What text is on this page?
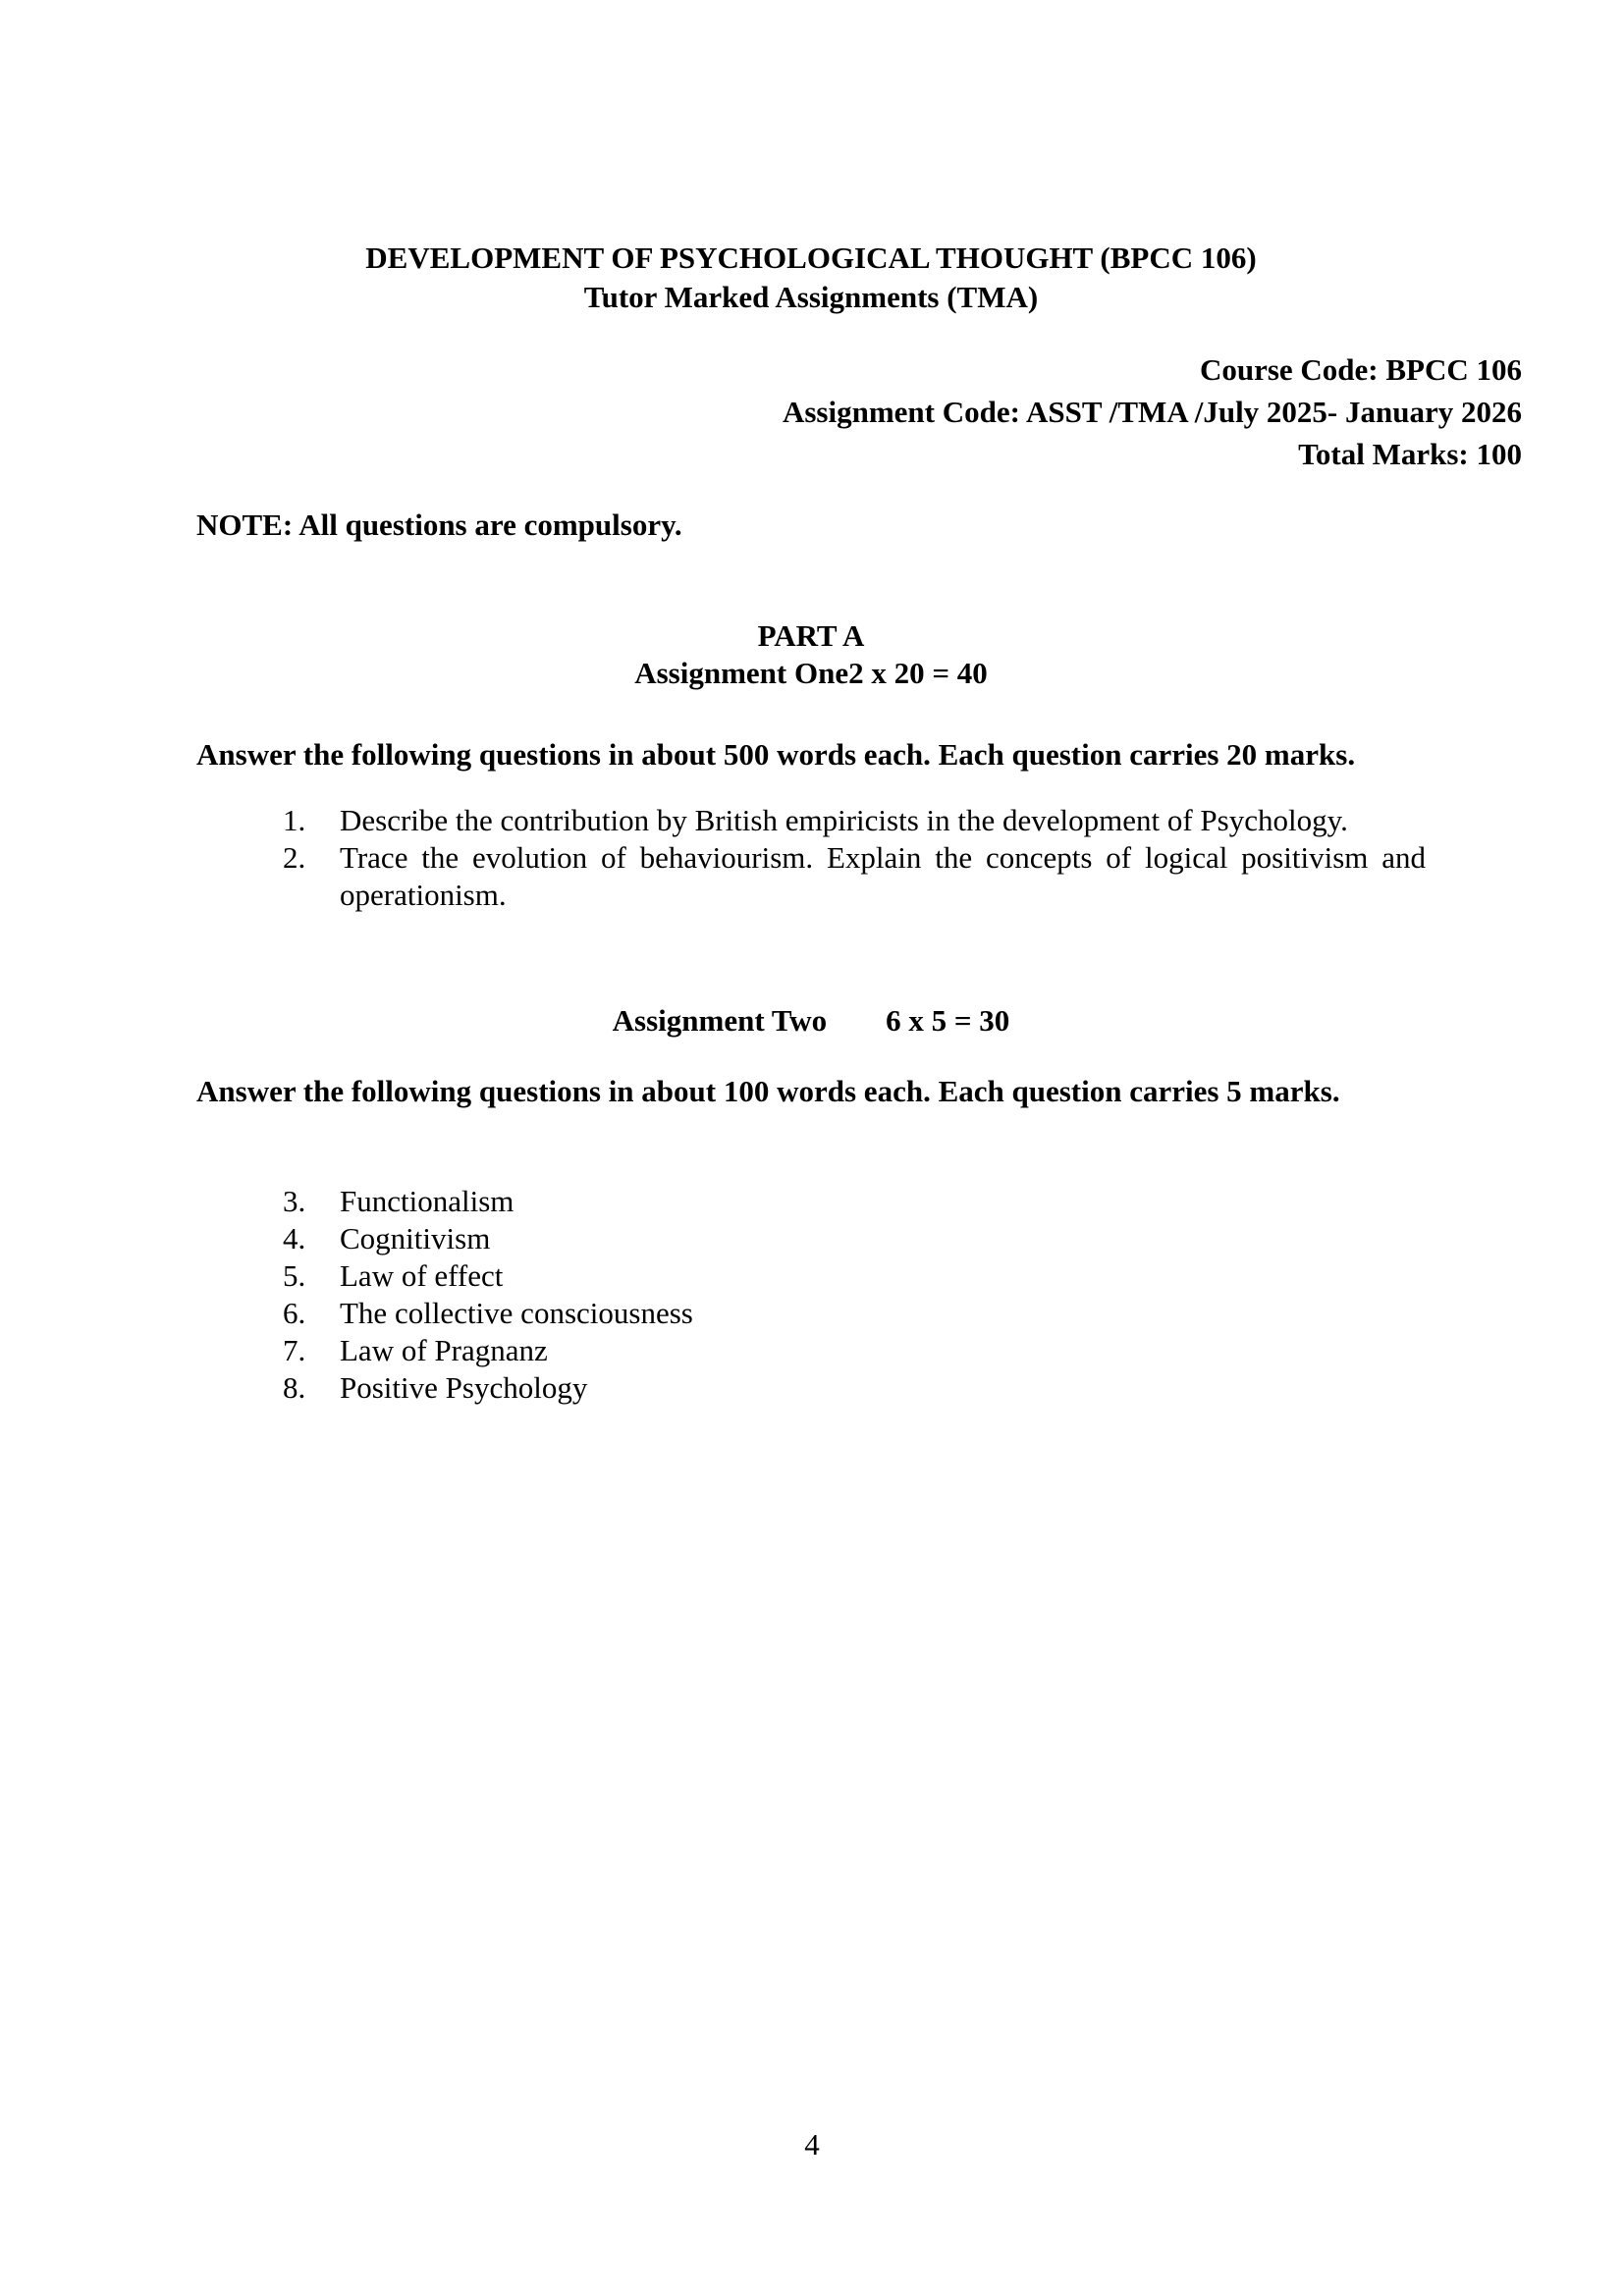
DEVELOPMENT OF PSYCHOLOGICAL THOUGHT (BPCC 106)
Tutor Marked Assignments (TMA)
Course Code: BPCC 106
Assignment Code: ASST /TMA /July 2025- January 2026
Total Marks: 100
NOTE: All questions are compulsory.
PART A
Assignment One2 x 20 = 40
Answer the following questions in about 500 words each. Each question carries 20 marks.
1.	Describe the contribution by British empiricists in the development of Psychology.
2.	Trace the evolution of behaviourism. Explain the concepts of logical positivism and operationism.
Assignment Two 6 x 5 = 30
Answer the following questions in about 100 words each. Each question carries 5 marks.
3.	Functionalism
4.	Cognitivism
5.	Law of effect
6.	The collective consciousness
7.	Law of Pragnanz
8.	Positive Psychology
4
